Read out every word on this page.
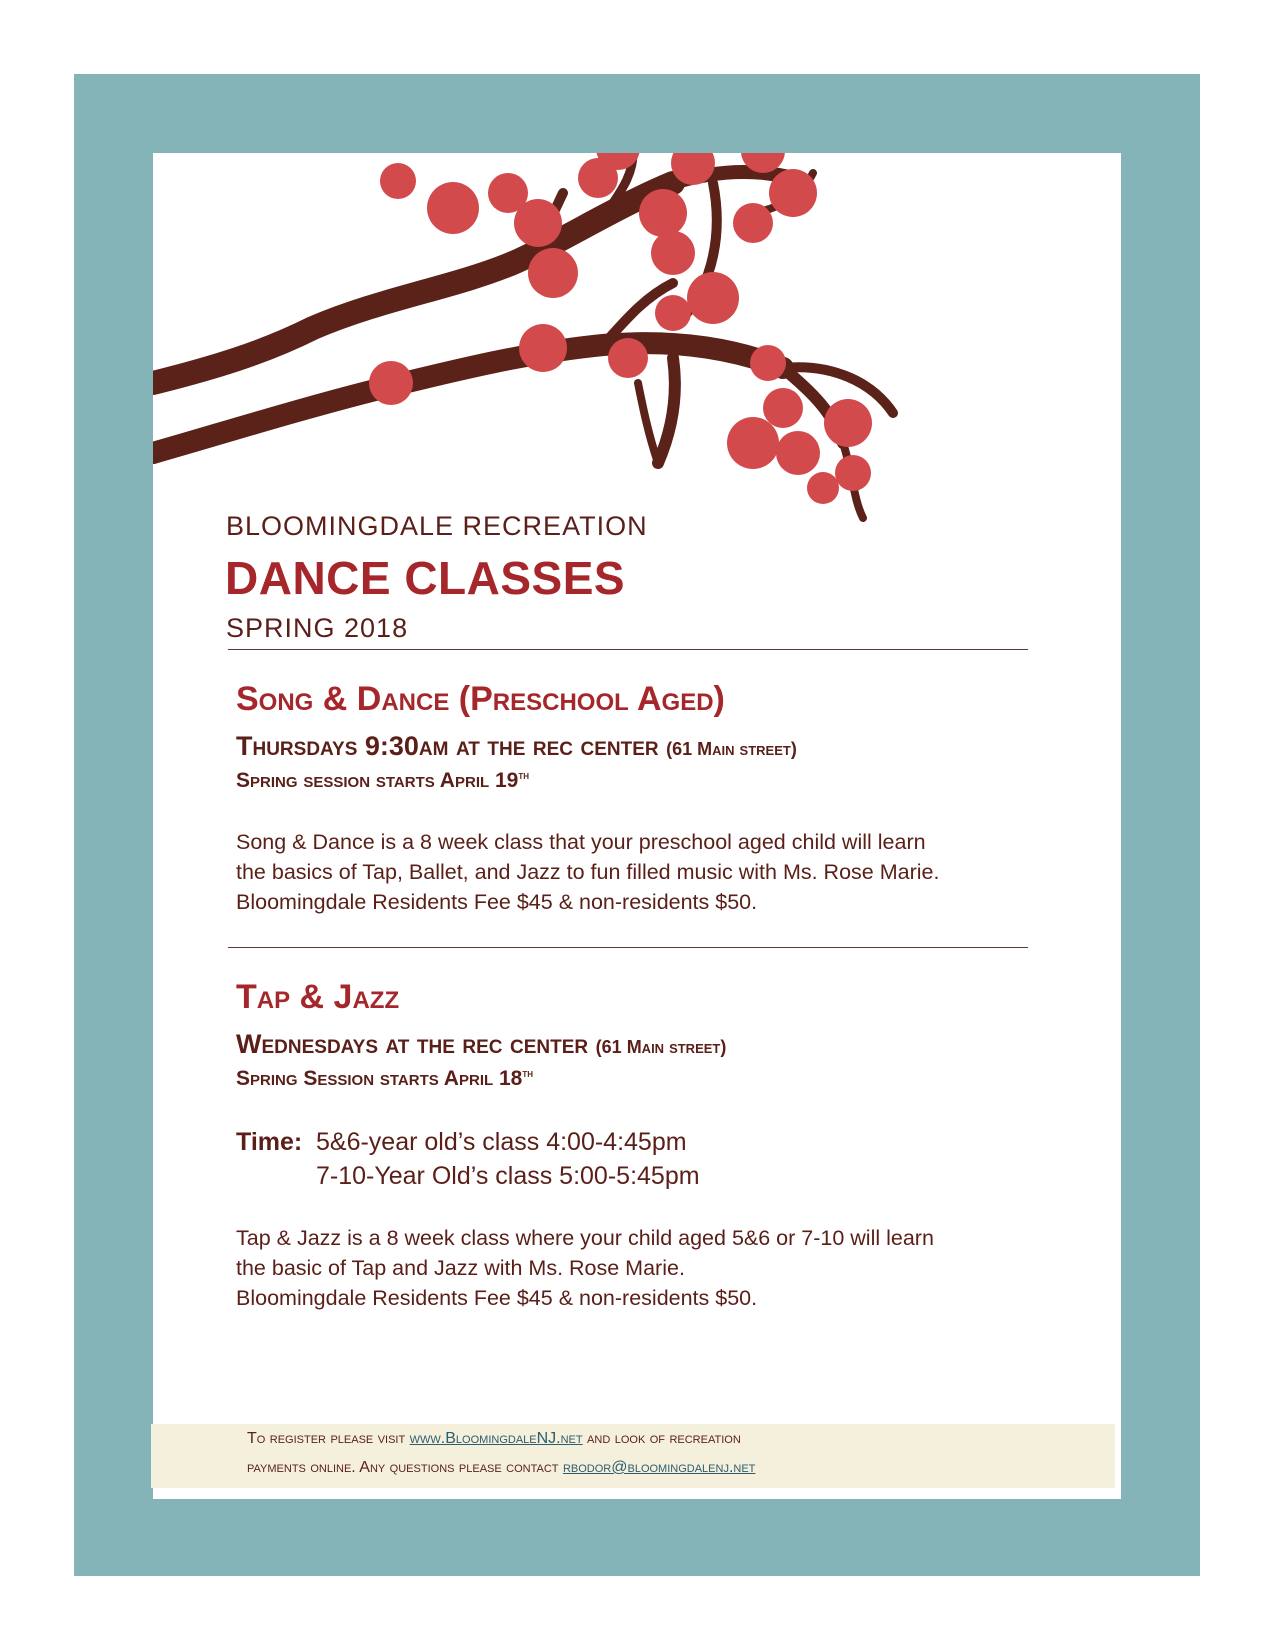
BLOOMINGDALE RECREATION
DANCE CLASSES
SPRING 2018
Song & Dance (Preschool Aged)

Thursdays 9:30am at the rec center (61 Main street)

Spring session starts April 19th

Song & Dance is a 8 week class that your preschool aged child will learn
the basics of Tap, Ballet, and Jazz to fun filled music with Ms. Rose Marie.
Bloomingdale Residents Fee $45 & non-residents $50.

Tap & Jazz

Wednesdays at the rec center (61 Main street)

Spring Session starts April 18th

Time: 5&6-year old’s class 4:00-4:45pm

7-10-Year Old’s class 5:00-5:45pm

Tap & Jazz is a 8 week class where your child aged 5&6 or 7-10 will learn
the basic of Tap and Jazz with Ms. Rose Marie.
Bloomingdale Residents Fee $45 & non-residents $50.

To register please visit www.BloomingdaleNJ.net and look of recreation

payments online. Any questions please contact rbodor@bloomingdalenj.net
